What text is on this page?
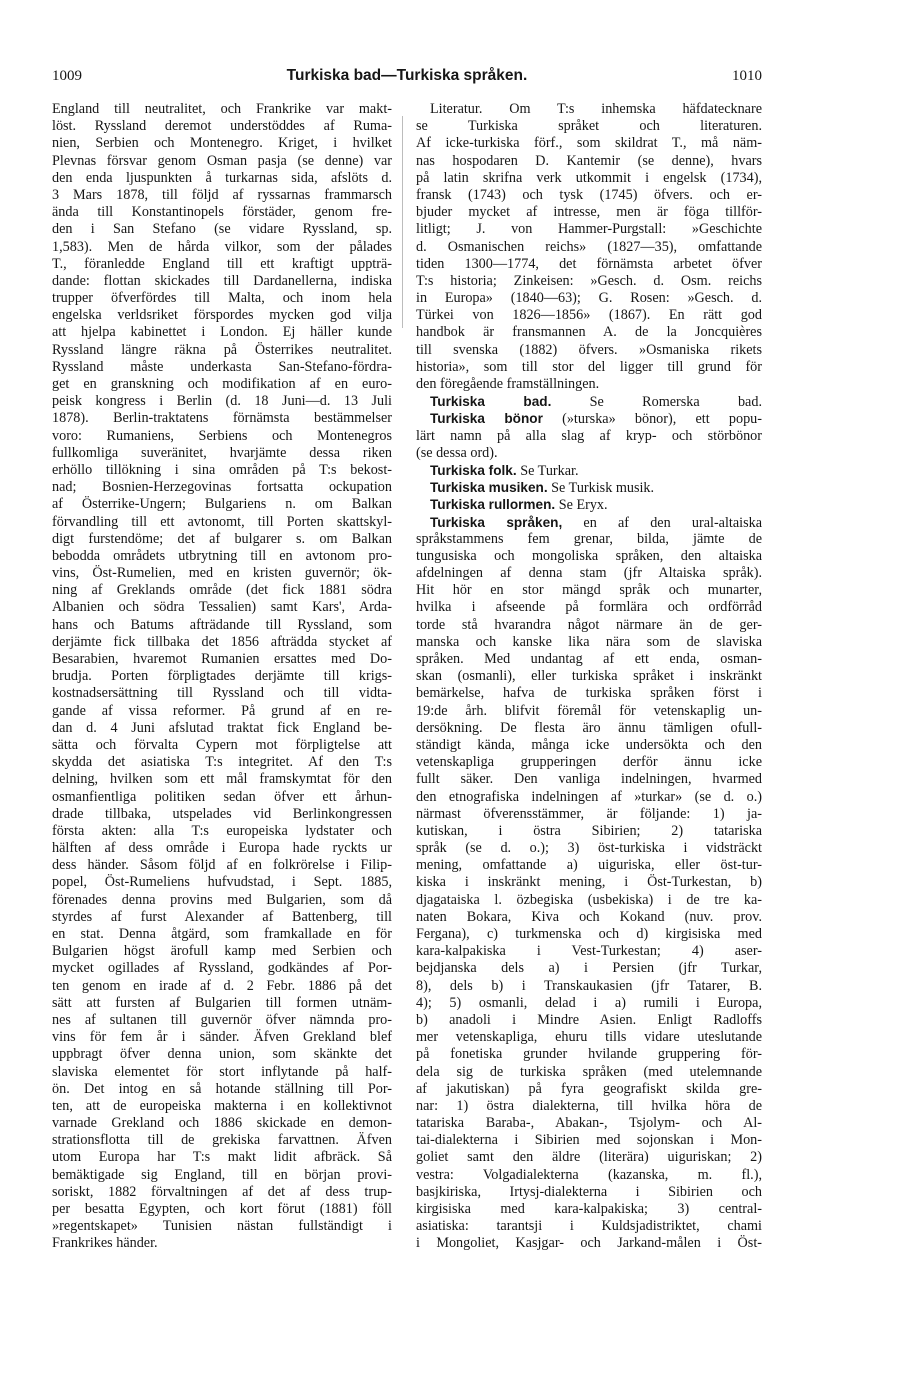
1009	Turkiska bad—Turkiska språken.	1010
England till neutralitet, och Frankrike var makt-
löst. Ryssland deremot understöddes af Ruma-
nien, Serbien och Montenegro. Kriget, i hvilket
Plevnas försvar genom Osman pasja (se denne) var
den enda ljuspunkten å turkarnas sida, afslöts d.
3 Mars 1878, till följd af ryssarnas frammarsch
ända till Konstantinopels förstäder, genom fre-
den i San Stefano (se vidare Ryssland, sp.
1,583). Men de hårda vilkor, som der pålades
T., föranledde England till ett kraftigt uppträ-
dande: flottan skickades till Dardanellerna, indiska
trupper öfverfördes till Malta, och inom hela
engelska verldsriket förspordes mycken god vilja
att hjelpa kabinettet i London. Ej häller kunde
Ryssland längre räkna på Österrikes neutralitet.
Ryssland måste underkasta San-Stefano-fördra-
get en granskning och modifikation af en euro-
peisk kongress i Berlin (d. 18 Juni—d. 13 Juli
1878). Berlin-traktatens förnämsta bestämmelser
voro: Rumaniens, Serbiens och Montenegros
fullkomliga suveränitet, hvarjämte dessa riken
erhöllo tillökning i sina områden på T:s bekost-
nad; Bosnien-Herzegovinas fortsatta ockupation
af Österrike-Ungern; Bulgariens n. om Balkan
förvandling till ett avtonomt, till Porten skattskyl-
digt furstendöme; det af bulgarer s. om Balkan
bebodda områdets utbrytning till en avtonom pro-
vins, Öst-Rumelien, med en kristen guvernör; ök-
ning af Greklands område (det fick 1881 södra
Albanien och södra Tessalien) samt Kars', Arda-
hans och Batums afträdande till Ryssland, som
derjämte fick tillbaka det 1856 afträdda stycket af
Besarabien, hvaremot Rumanien ersattes med Do-
brudja. Porten förpligtades derjämte till krigs-
kostnadsersättning till Ryssland och till vidta-
gande af vissa reformer. På grund af en re-
dan d. 4 Juni afslutad traktat fick England be-
sätta och förvalta Cypern mot förpligtelse att
skydda det asiatiska T:s integritet. Af den T:s
delning, hvilken som ett mål framskymtat för den
osmanfientliga politiken sedan öfver ett århun-
drade tillbaka, utspelades vid Berlinkongressen
första akten: alla T:s europeiska lydstater och
hälften af dess område i Europa hade ryckts ur
dess händer. Såsom följd af en folkrörelse i Filip-
popel, Öst-Rumeliens hufvudstad, i Sept. 1885,
förenades denna provins med Bulgarien, som då
styrdes af furst Alexander af Battenberg, till
en stat. Denna åtgärd, som framkallade en för
Bulgarien högst ärofull kamp med Serbien och
mycket ogillades af Ryssland, godkändes af Por-
ten genom en irade af d. 2 Febr. 1886 på det
sätt att fursten af Bulgarien till formen utnäm-
nes af sultanen till guvernör öfver nämnda pro-
vins för fem år i sänder. Äfven Grekland blef
uppbragt öfver denna union, som skänkte det
slaviska elementet för stort inflytande på half-
ön. Det intog en så hotande ställning till Por-
ten, att de europeiska makterna i en kollektivnot
varnade Grekland och 1886 skickade en demon-
strationsflotta till de grekiska farvattnen. Äfven
utom Europa har T:s makt lidit afbräck. Så
bemäktigade sig England, till en början provi-
soriskt, 1882 förvaltningen af det af dess trup-
per besatta Egypten, och kort förut (1881) föll
»regentskapet» Tunisien nästan fullständigt i
Frankrikes händer.
Literatur. Om T:s inhemska häfdatecknare
se Turkiska språket och literaturen.
Af icke-turkiska förf., som skildrat T., må näm-
nas hospodaren D. Kantemir (se denne), hvars
på latin skrifna verk utkommit i engelsk (1734),
fransk (1743) och tysk (1745) öfvers. och er-
bjuder mycket af intresse, men är föga tillför-
litligt; J. von Hammer-Purgstall: »Geschichte
d. Osmanischen reichs» (1827—35), omfattande
tiden 1300—1774, det förnämsta arbetet öfver
T:s historia; Zinkeisen: »Gesch. d. Osm. reichs
in Europa» (1840—63); G. Rosen: »Gesch. d.
Türkei von 1826—1856» (1867). En rätt god
handbok är fransmannen A. de la Joncquières
till svenska (1882) öfvers. »Osmaniska rikets
historia», som till stor del ligger till grund för
den föregående framställningen.
Turkiska bad. Se Romerska bad.
Turkiska bönor (»turska» bönor), ett popu-
lärt namn på alla slag af kryp- och störbönor
(se dessa ord).
Turkiska folk. Se Turkar.
Turkiska musiken. Se Turkisk musik.
Turkiska rullormen. Se Eryx.
Turkiska språken, en af den ural-altaiska
språkstammens fem grenar, bilda, jämte de
tungusiska och mongoliska språken, den altaiska
afdelningen af denna stam (jfr Altaiska språk).
Hit hör en stor mängd språk och munarter,
hvilka i afseende på formlära och ordförråd
torde stå hvarandra något närmare än de ger-
manska och kanske lika nära som de slaviska
språken. Med undantag af ett enda, osman-
skan (osmanli), eller turkiska språket i inskränkt
bemärkelse, hafva de turkiska språken först i
19:de årh. blifvit föremål för vetenskaplig un-
dersökning. De flesta äro ännu tämligen ofull-
ständigt kända, många icke undersökta och den
vetenskapliga grupperingen derför ännu icke
fullt säker. Den vanliga indelningen, hvarmed
den etnografiska indelningen af »turkar» (se d. o.)
närmast öfverensstämmer, är följande: 1) ja-
kutiskan, i östra Sibirien; 2) tatariska
språk (se d. o.); 3) öst-turkiska i vidsträckt
mening, omfattande a) uiguriska, eller öst-tur-
kiska i inskränkt mening, i Öst-Turkestan, b)
djagataiska l. özbegiska (usbekiska) i de tre ka-
naten Bokara, Kiva och Kokand (nuv. prov.
Fergana), c) turkmenska och d) kirgisiska med
kara-kalpakiska i Vest-Turkestan; 4) aser-
bejdjanska dels a) i Persien (jfr Turkar,
8), dels b) i Transkaukasien (jfr Tatarer, B.
4); 5) osmanli, delad i a) rumili i Europa,
b) anadoli i Mindre Asien. Enligt Radloffs
mer vetenskapliga, ehuru tills vidare uteslutande
på fonetiska grunder hvilande gruppering för-
dela sig de turkiska språken (med utelemnande
af jakutiskan) på fyra geografiskt skilda gre-
nar: 1) östra dialekterna, till hvilka höra de
tatariska Baraba-, Abakan-, Tsjolym- och Al-
tai-dialekterna i Sibirien med sojonskan i Mon-
goliet samt den äldre (literära) uiguriskan; 2)
vestra: Volgadialekterna (kazanska, m. fl.),
basjkiriska, Irtysj-dialekterna i Sibirien och
kirgisiska med kara-kalpakiska; 3) central-
asiatiska: tarantsji i Kuldsjadistriktet, chami
i Mongoliet, Kasjgar- och Jarkand-målen i Öst-
